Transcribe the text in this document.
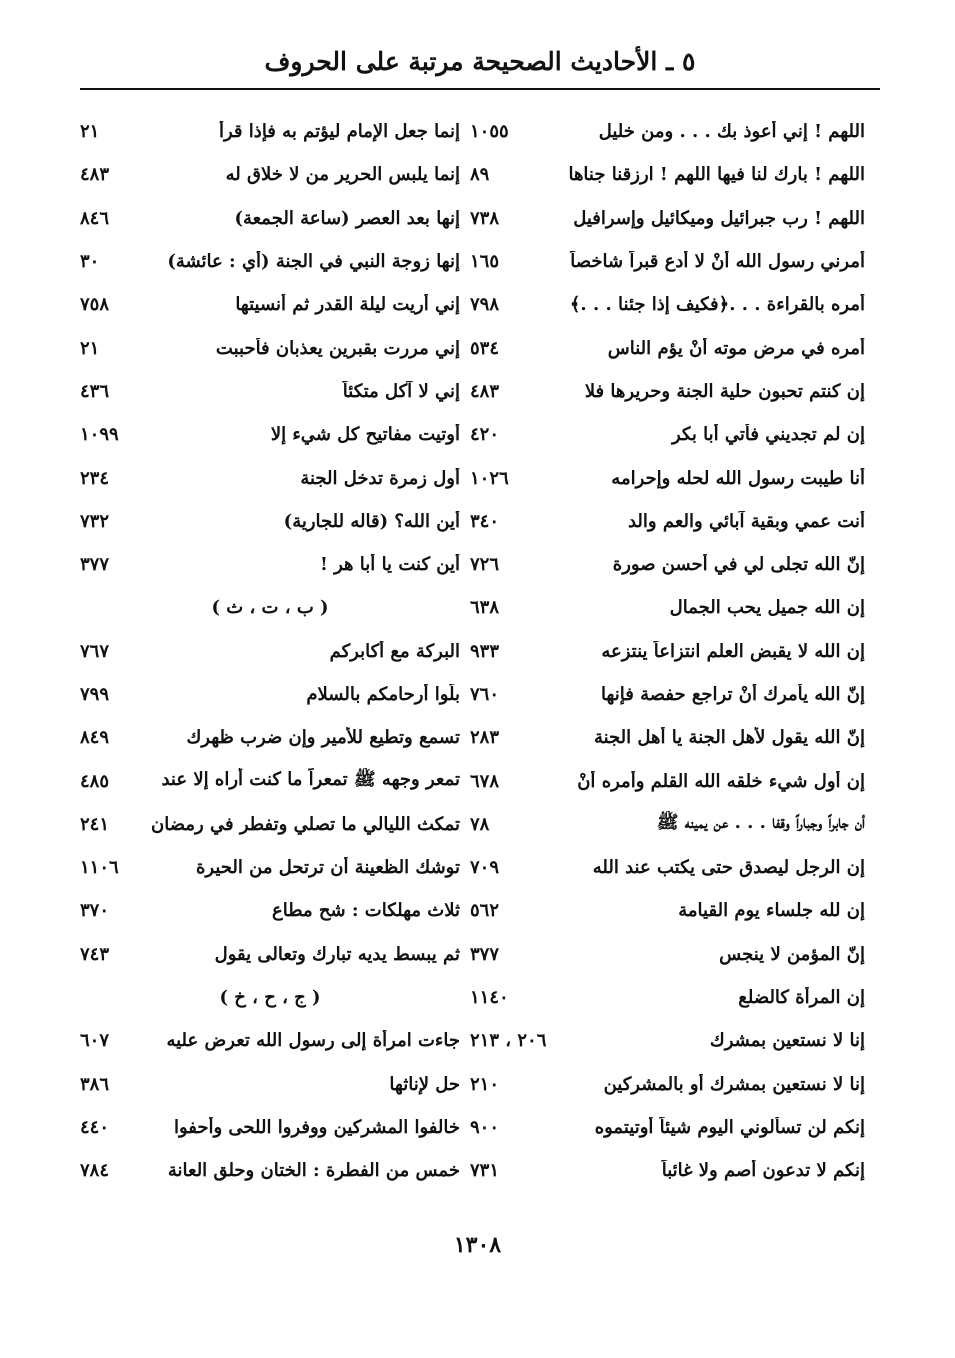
٥ ـ الأحاديث الصحيحة مرتبة على الحروف
اللهم ! إني أعوذ بك . . . ومن خليل
١٠٥٥
اللهم ! بارك لنا فيها اللهم ! ارزقنا جناها
٨٩
اللهم ! رب جبرائيل وميكائيل وإسرافيل
٧٣٨
أمرني رسول الله أنْ لا أدع قبراً شاخصاً
١٦٥
أمره بالقراءة . . .﴿فكيف إذا جئنا . . .﴾
٧٩٨
أمره في مرض موته أنْ يؤم الناس
٥٣٤
إن كنتم تحبون حلية الجنة وحريرها فلا
٤٨٣
إن لم تجديني فأتي أبا بكر
٤٢٠
أنا طيبت رسول الله لحله وإحرامه
١٠٢٦
أنت عمي وبقية آبائي والعم والد
٣٤٠
إنّ الله تجلى لي في أحسن صورة
٧٢٦
إن الله جميل يحب الجمال
٦٣٨
إن الله لا يقبض العلم انتزاعاً ينتزعه
٩٣٣
إنّ الله يأمرك أنْ تراجع حفصة فإنها
٧٦٠
إنّ الله يقول لأهل الجنة يا أهل الجنة
٢٨٣
إن أول شيء خلقه الله القلم وأمره أنْ
٦٧٨
أن جابراً وجباراً وقفا . . . عن يمينه ﷺ
٧٨
إن الرجل ليصدق حتى يكتب عند الله
٧٠٩
إن لله جلساء يوم القيامة
٥٦٢
إنّ المؤمن لا ينجس
٣٧٧
إن المرأة كالضلع
١١٤٠
إنا لا نستعين بمشرك
٢٠٦ ، ٢١٣
إنا لا نستعين بمشرك أو بالمشركين
٢١٠
إنكم لن تسألوني اليوم شيئاً أوتيتموه
٩٠٠
إنكم لا تدعون أصم ولا غائباً
٧٣١
إنما جعل الإمام ليؤتم به فإذا قرأ
٢١
إنما يلبس الحرير من لا خلاق له
٤٨٣
إنها بعد العصر (ساعة الجمعة)
٨٤٦
إنها زوجة النبي في الجنة (أي : عائشة)
٣٠
إني أريت ليلة القدر ثم أُنسيتها
٧٥٨
إني مررت بقبرين يعذبان فأحببت
٢١
إني لا آكل متكئاً
٤٣٦
أوتيت مفاتيح كل شيء إلا
١٠٩٩
أول زمرة تدخل الجنة
٢٣٤
أين الله؟ (قاله للجارية)
٧٣٢
أين كنت يا أبا هر !
٣٧٧
( ب ، ت ، ث )
البركة مع أكابركم
٧٦٧
بلّوا أرحامكم بالسلام
٧٩٩
تسمع وتطيع للأمير وإن ضرب ظهرك
٨٤٩
تمعر وجهه ﷺ تمعراً ما كنت أراه إلا عند
٤٨٥
تمكث الليالي ما تصلي وتفطر في رمضان
٢٤١
توشك الظعينة أن ترتحل من الحيرة
١١٠٦
ثلاث مهلكات : شح مطاع
٣٧٠
ثم يبسط يديه تبارك وتعالى يقول
٧٤٣
( ج ، ح ، خ )
جاءت امرأة إلى رسول الله تعرض عليه
٦٠٧
حل لإناثها
٣٨٦
خالفوا المشركين ووفروا اللحى وأحفوا
٤٤٠
خمس من الفطرة : الختان وحلق العانة
٧٨٤
١٣٠٨
